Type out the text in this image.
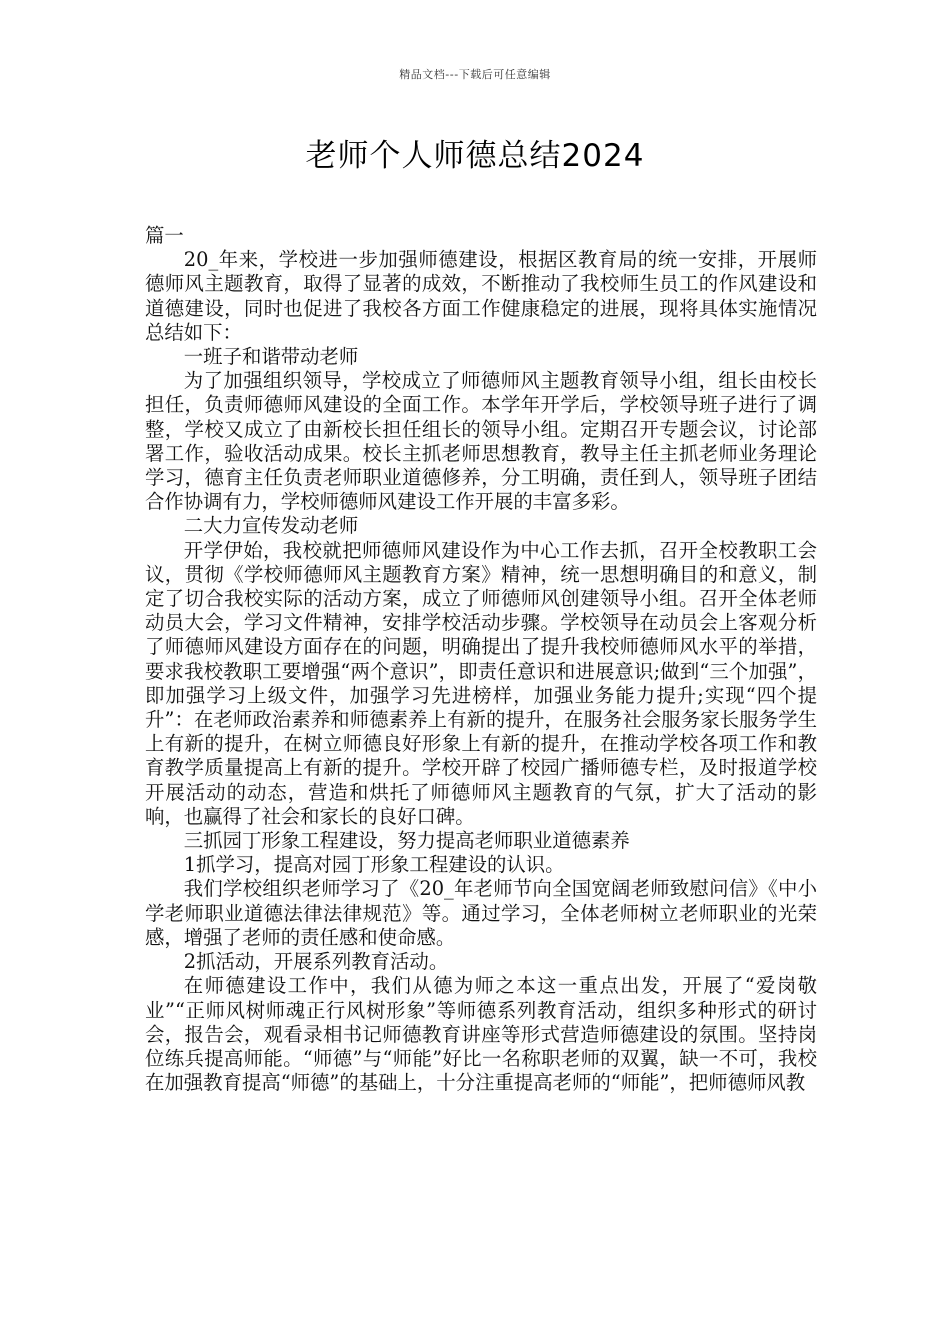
精品文档---下载后可任意编辑
老师个人师德总结2024

篇一

20_年来，学校进一步加强师德建设，根据区教育局的统一安排，开展师德师风主题教育，取得了显著的成效，不断推动了我校师生员工的作风建设和道德建设，同时也促进了我校各方面工作健康稳定的进展，现将具体实施情况总结如下：

一班子和谐带动老师

为了加强组织领导，学校成立了师德师风主题教育领导小组，组长由校长担任，负责师德师风建设的全面工作。本学年开学后，学校领导班子进行了调整，学校又成立了由新校长担任组长的领导小组。定期召开专题会议，讨论部署工作，验收活动成果。校长主抓老师思想教育，教导主任主抓老师业务理论学习，德育主任负责老师职业道德修养，分工明确，责任到人，领导班子团结合作协调有力，学校师德师风建设工作开展的丰富多彩。

二大力宣传发动老师

开学伊始，我校就把师德师风建设作为中心工作去抓，召开全校教职工会议，贯彻《学校师德师风主题教育方案》精神，统一思想明确目的和意义，制定了切合我校实际的活动方案，成立了师德师风创建领导小组。召开全体老师动员大会，学习文件精神，安排学校活动步骤。学校领导在动员会上客观分析了师德师风建设方面存在的问题，明确提出了提升我校师德师风水平的举措，要求我校教职工要增强“两个意识”，即责任意识和进展意识;做到“三个加强”，即加强学习上级文件，加强学习先进榜样，加强业务能力提升;实现“四个提升”：在老师政治素养和师德素养上有新的提升，在服务社会服务家长服务学生上有新的提升，在树立师德良好形象上有新的提升，在推动学校各项工作和教育教学质量提高上有新的提升。学校开辟了校园广播师德专栏，及时报道学校开展活动的动态，营造和烘托了师德师风主题教育的气氛，扩大了活动的影响，也赢得了社会和家长的良好口碑。

三抓园丁形象工程建设，努力提高老师职业道德素养

1抓学习，提高对园丁形象工程建设的认识。

我们学校组织老师学习了《20_年老师节向全国宽阔老师致慰问信》《中小学老师职业道德法律法律规范》等。通过学习，全体老师树立老师职业的光荣感，增强了老师的责任感和使命感。

2抓活动，开展系列教育活动。

在师德建设工作中，我们从德为师之本这一重点出发，开展了“爱岗敬业”“正师风树师魂正行风树形象”等师德系列教育活动，组织多种形式的研讨会，报告会，观看录相书记师德教育讲座等形式营造师德建设的氛围。坚持岗位练兵提高师能。“师德”与“师能”好比一名称职老师的双翼，缺一不可，我校在加强教育提高“师德”的基础上，十分注重提高老师的“师能”，把师德师风教
